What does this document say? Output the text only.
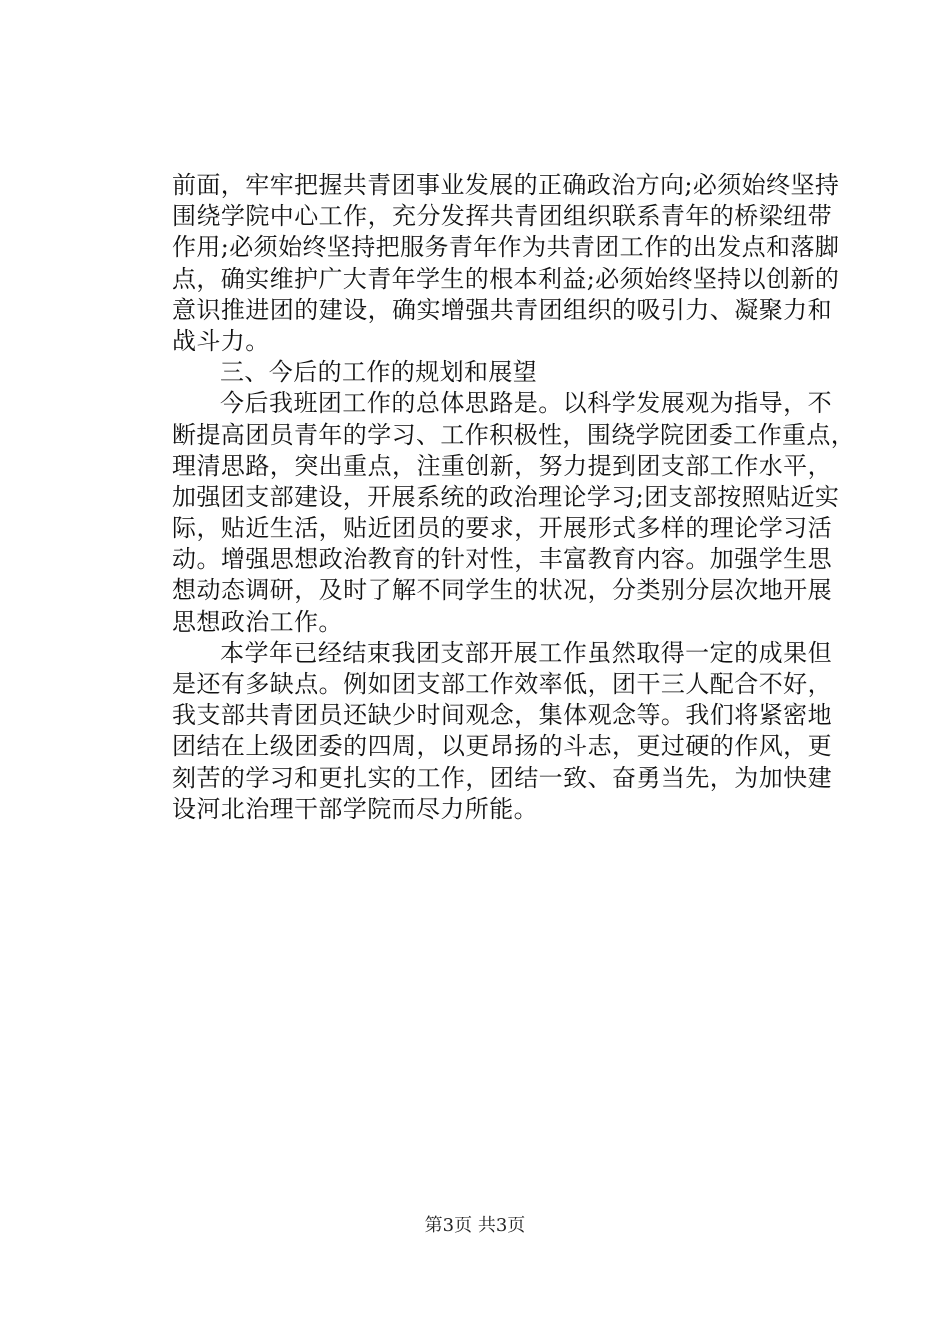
前面，牢牢把握共青团事业发展的正确政治方向;必须始终坚持
围绕学院中心工作，充分发挥共青团组织联系青年的桥梁纽带
作用;必须始终坚持把服务青年作为共青团工作的出发点和落脚
点，确实维护广大青年学生的根本利益;必须始终坚持以创新的
意识推进团的建设，确实增强共青团组织的吸引力、凝聚力和
战斗力。
三、今后的工作的规划和展望
今后我班团工作的总体思路是。以科学发展观为指导，不
断提高团员青年的学习、工作积极性，围绕学院团委工作重点，
理清思路，突出重点，注重创新，努力提到团支部工作水平，
加强团支部建设，开展系统的政治理论学习;团支部按照贴近实
际，贴近生活，贴近团员的要求，开展形式多样的理论学习活
动。增强思想政治教育的针对性，丰富教育内容。加强学生思
想动态调研，及时了解不同学生的状况，分类别分层次地开展
思想政治工作。
本学年已经结束我团支部开展工作虽然取得一定的成果但
是还有多缺点。例如团支部工作效率低，团干三人配合不好，
我支部共青团员还缺少时间观念，集体观念等。我们将紧密地
团结在上级团委的四周，以更昂扬的斗志，更过硬的作风，更
刻苦的学习和更扎实的工作，团结一致、奋勇当先，为加快建
设河北治理干部学院而尽力所能。
第3页 共3页
